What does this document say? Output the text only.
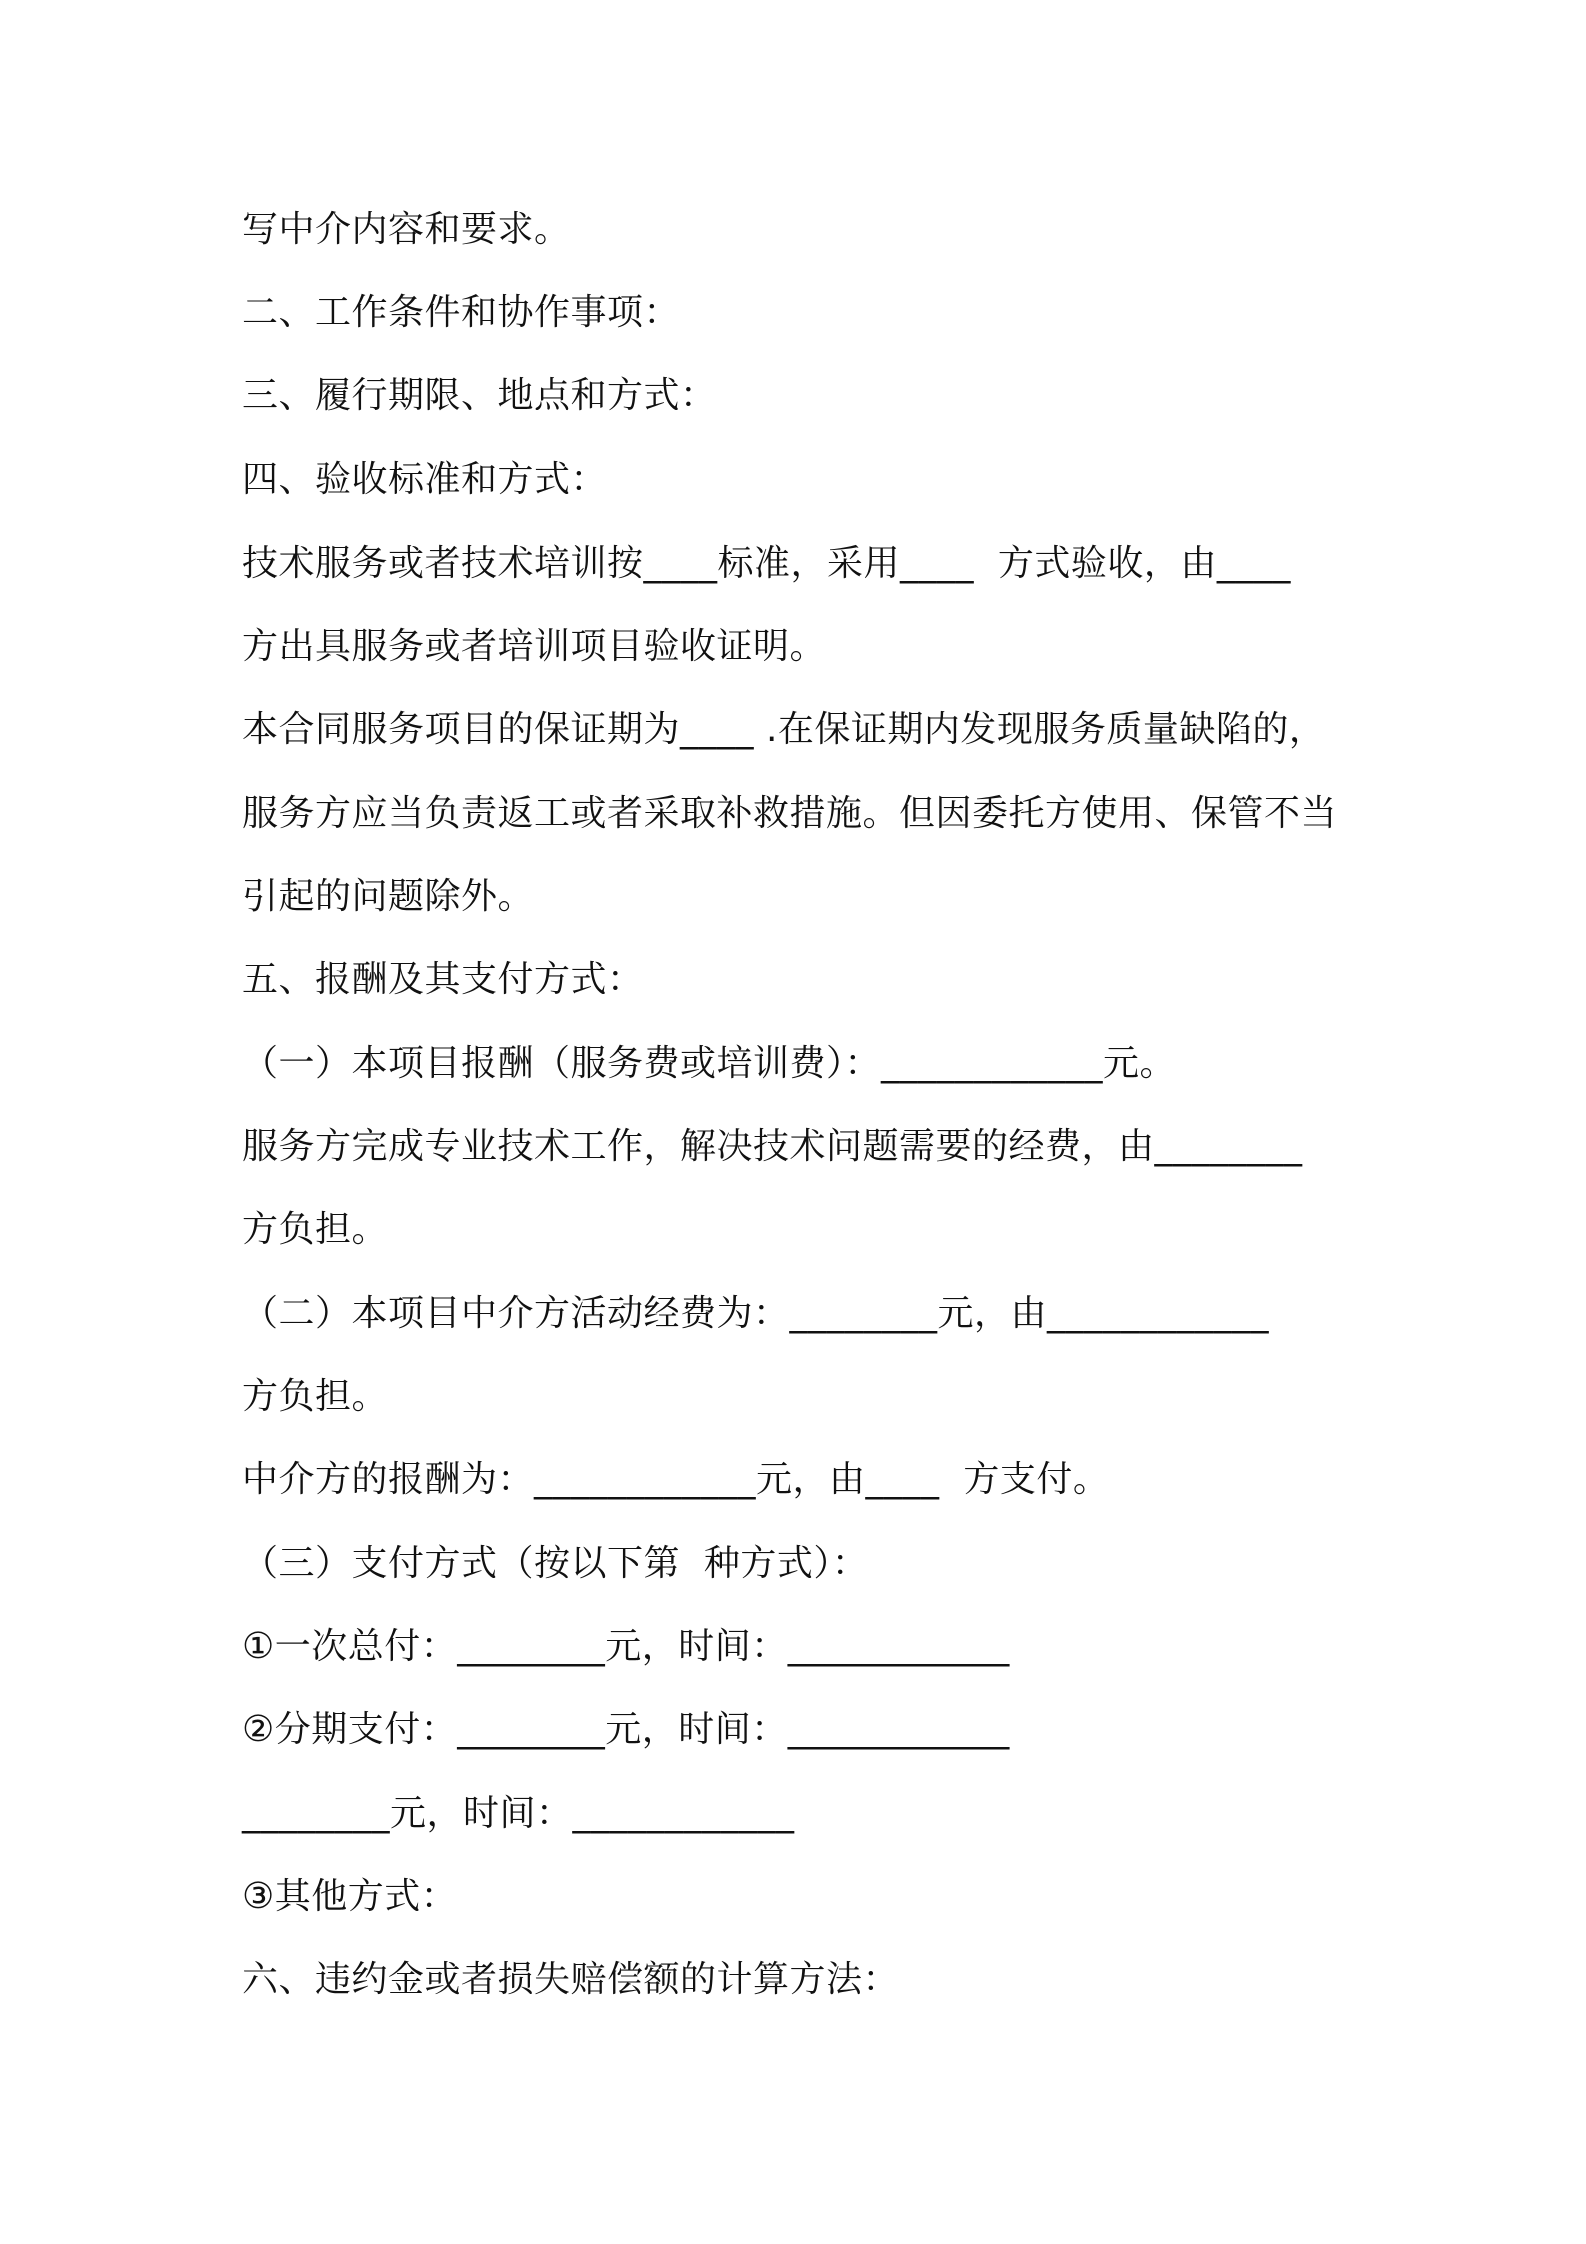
写中介内容和要求。
二、工作条件和协作事项：
三、履行期限、地点和方式：
四、验收标准和方式：
技术服务或者技术培训按____标准，采用____  方式验收，由____
方出具服务或者培训项目验收证明。
本合同服务项目的保证期为____ .在保证期内发现服务质量缺陷的，
服务方应当负责返工或者采取补救措施。但因委托方使用、保管不当
引起的问题除外。
五、报酬及其支付方式：
（一）本项目报酬（服务费或培训费）：____________元。
服务方完成专业技术工作，解决技术问题需要的经费，由________
方负担。
（二）本项目中介方活动经费为：________元，由____________
方负担。
中介方的报酬为：____________元，由____  方支付。
（三）支付方式（按以下第  种方式）：
①一次总付：________元，时间：____________
②分期支付：________元，时间：____________
________元，时间：____________
③其他方式：
六、违约金或者损失赔偿额的计算方法：
